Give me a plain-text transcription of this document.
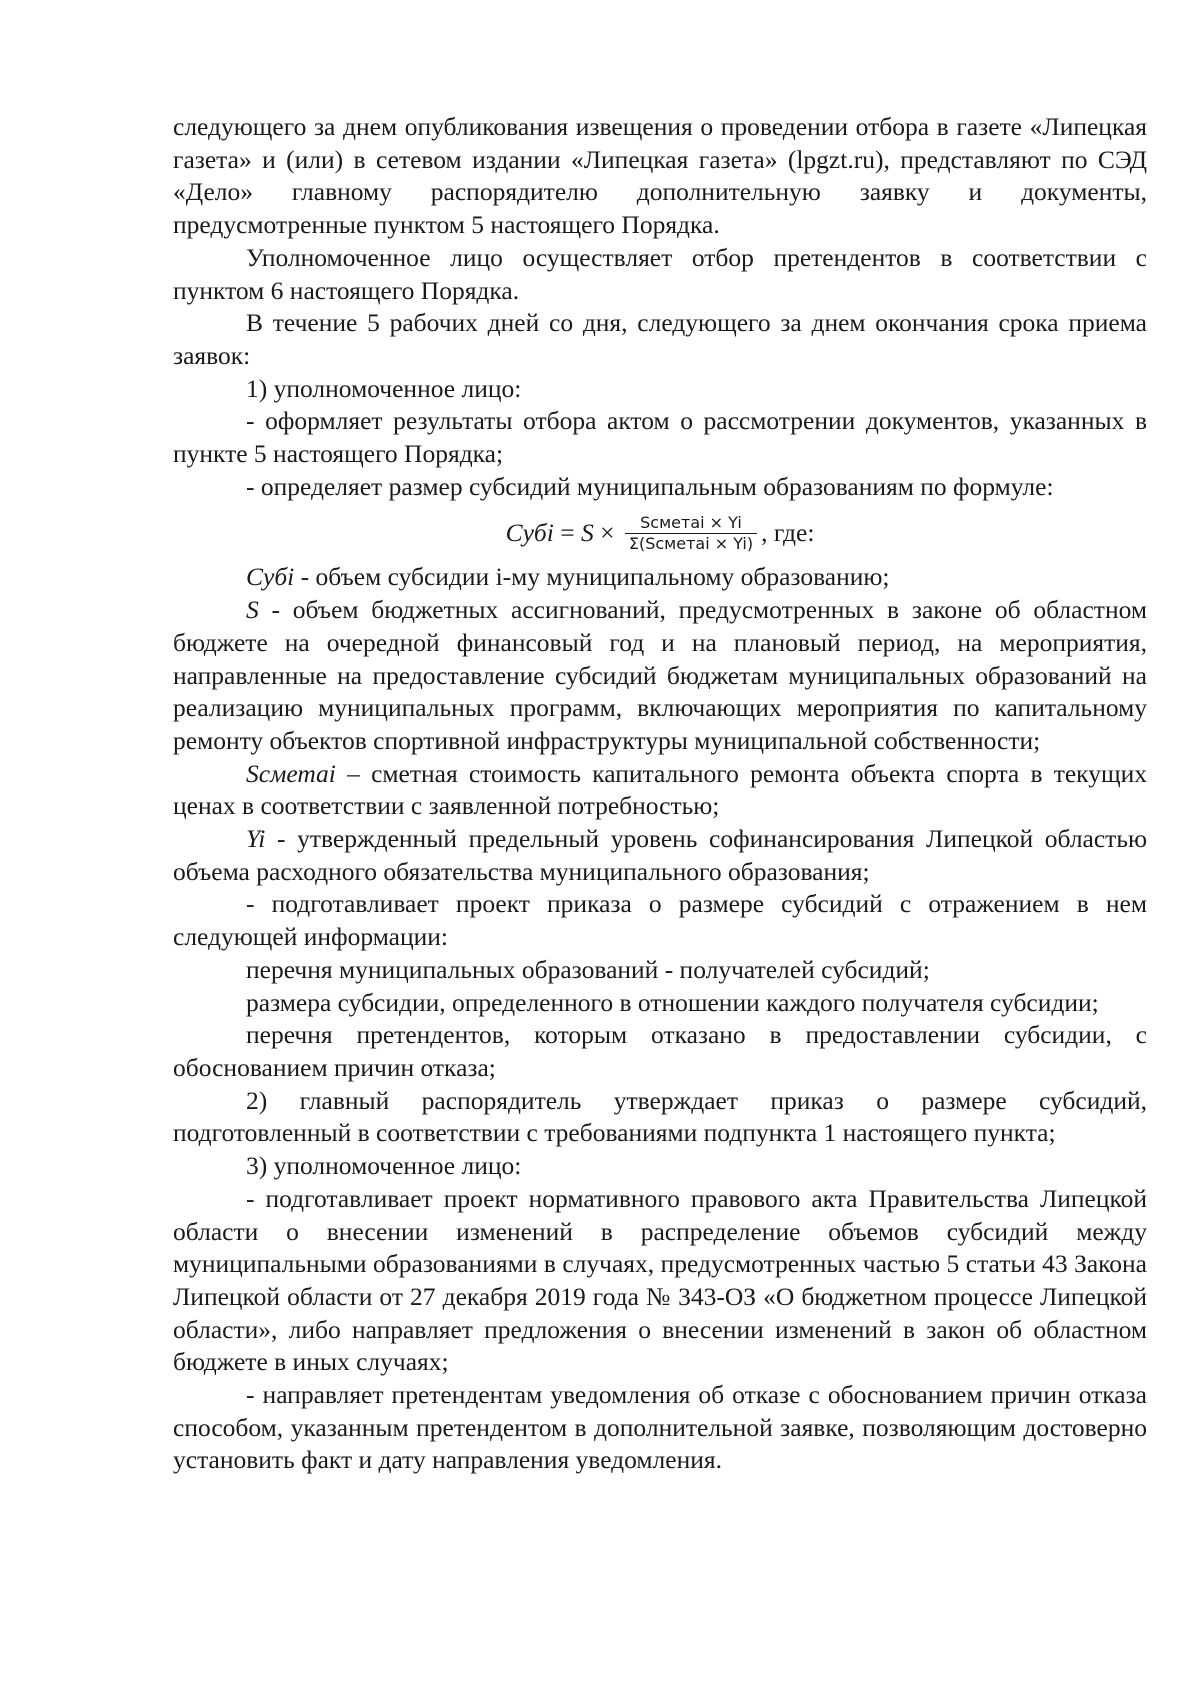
следующего за днем опубликования извещения о проведении отбора в газете «Липецкая газета» и (или) в сетевом издании «Липецкая газета» (lpgzt.ru), представляют по СЭД «Дело» главному распорядителю дополнительную заявку и документы, предусмотренные пунктом 5 настоящего Порядка.

Уполномоченное лицо осуществляет отбор претендентов в соответствии с пунктом 6 настоящего Порядка.

В течение 5 рабочих дней со дня, следующего за днем окончания срока приема заявок:

1) уполномоченное лицо:

- оформляет результаты отбора актом о рассмотрении документов, указанных в пункте 5 настоящего Порядка;

- определяет размер субсидий муниципальным образованиям по формуле:

Субi = $S \times \frac{\text{Sсметаi × Yi}}{\text{Σ(Sсметаi × Yi)}}$ , где:

Субi - объем субсидии i-му муниципальному образованию;

S - объем бюджетных ассигнований, предусмотренных в законе об областном бюджете на очередной финансовый год и на плановый период, на мероприятия, направленные на предоставление субсидий бюджетам муниципальных образований на реализацию муниципальных программ, включающих мероприятия по капитальному ремонту объектов спортивной инфраструктуры муниципальной собственности;

Sсметаi – сметная стоимость капитального ремонта объекта спорта в текущих ценах в соответствии с заявленной потребностью;

Yi - утвержденный предельный уровень софинансирования Липецкой областью объема расходного обязательства муниципального образования;

- подготавливает проект приказа о размере субсидий с отражением в нем следующей информации:

перечня муниципальных образований - получателей субсидий;

размера субсидии, определенного в отношении каждого получателя субсидии;

перечня претендентов, которым отказано в предоставлении субсидии, с обоснованием причин отказа;

2) главный распорядитель утверждает приказ о размере субсидий, подготовленный в соответствии с требованиями подпункта 1 настоящего пункта;

3) уполномоченное лицо:

- подготавливает проект нормативного правового акта Правительства Липецкой области о внесении изменений в распределение объемов субсидий между муниципальными образованиями в случаях, предусмотренных частью 5 статьи 43 Закона Липецкой области от 27 декабря 2019 года № 343-ОЗ «О бюджетном процессе Липецкой области», либо направляет предложения о внесении изменений в закон об областном бюджете в иных случаях;

- направляет претендентам уведомления об отказе с обоснованием причин отказа способом, указанным претендентом в дополнительной заявке, позволяющим достоверно установить факт и дату направления уведомления.
